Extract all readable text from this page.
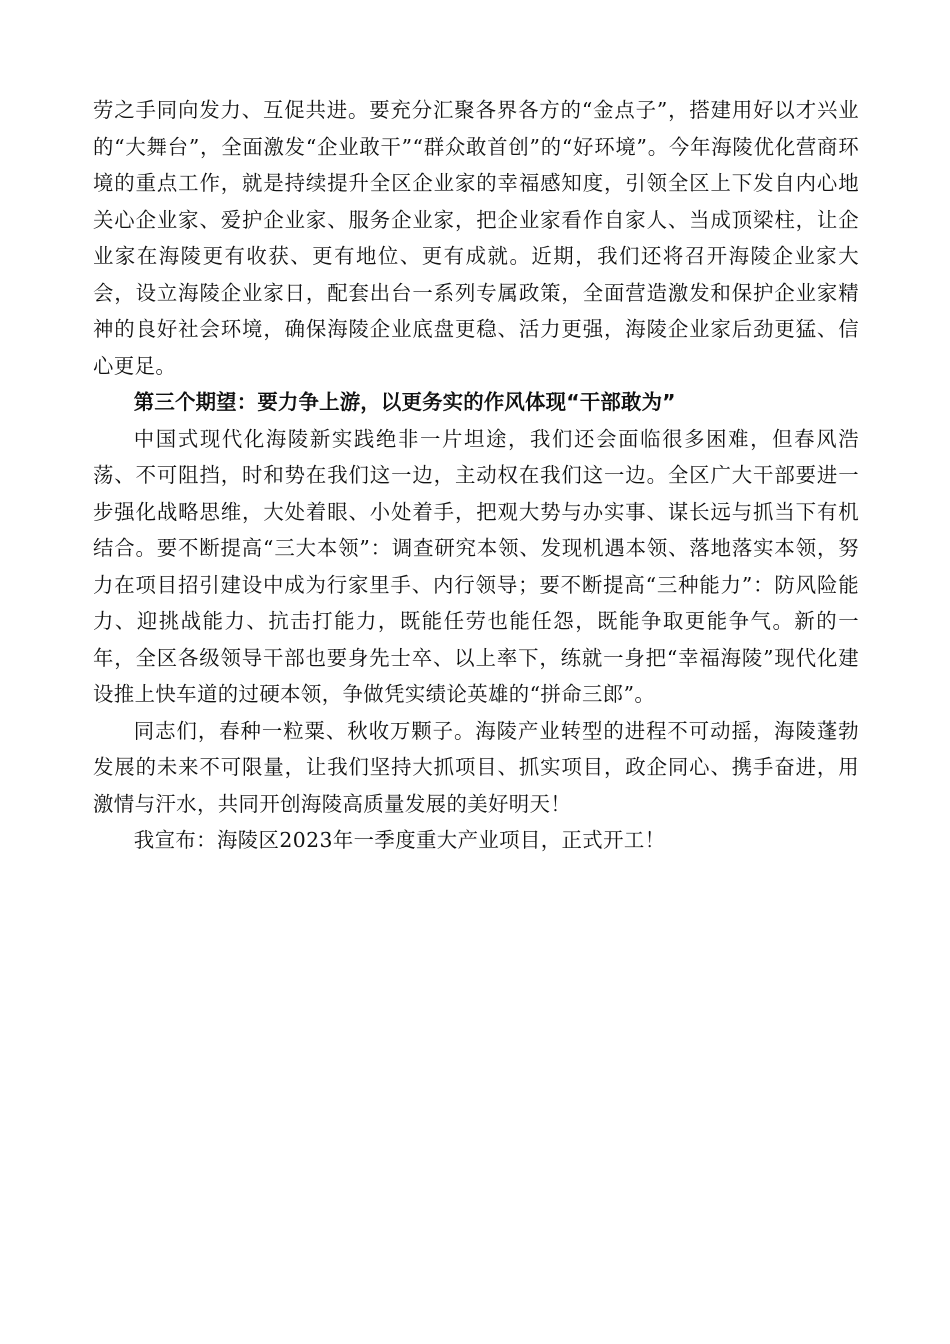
劳之手同向发力、互促共进。要充分汇聚各界各方的“金点子”，搭建用好以才兴业的“大舞台”，全面激发“企业敢干”“群众敢首创”的“好环境”。今年海陵优化营商环境的重点工作，就是持续提升全区企业家的幸福感知度，引领全区上下发自内心地关心企业家、爱护企业家、服务企业家，把企业家看作自家人、当成顶梁柱，让企业家在海陵更有收获、更有地位、更有成就。近期，我们还将召开海陵企业家大会，设立海陵企业家日，配套出台一系列专属政策，全面营造激发和保护企业家精神的良好社会环境，确保海陵企业底盘更稳、活力更强，海陵企业家后劲更猛、信心更足。

第三个期望：要力争上游，以更务实的作风体现“干部敢为”

中国式现代化海陵新实践绝非一片坦途，我们还会面临很多困难，但春风浩荡、不可阻挡，时和势在我们这一边，主动权在我们这一边。全区广大干部要进一步强化战略思维，大处着眼、小处着手，把观大势与办实事、谋长远与抓当下有机结合。要不断提高“三大本领”：调查研究本领、发现机遇本领、落地落实本领，努力在项目招引建设中成为行家里手、内行领导；要不断提高“三种能力”：防风险能力、迎挑战能力、抗击打能力，既能任劳也能任怨，既能争取更能争气。新的一年，全区各级领导干部也要身先士卒、以上率下，练就一身把“幸福海陵”现代化建设推上快车道的过硬本领，争做凭实绩论英雄的“拼命三郎”。

同志们，春种一粒粟、秋收万颗子。海陵产业转型的进程不可动摇，海陵蓬勃发展的未来不可限量，让我们坚持大抓项目、抓实项目，政企同心、携手奋进，用激情与汗水，共同开创海陵高质量发展的美好明天！

我宣布：海陵区2023年一季度重大产业项目，正式开工！
